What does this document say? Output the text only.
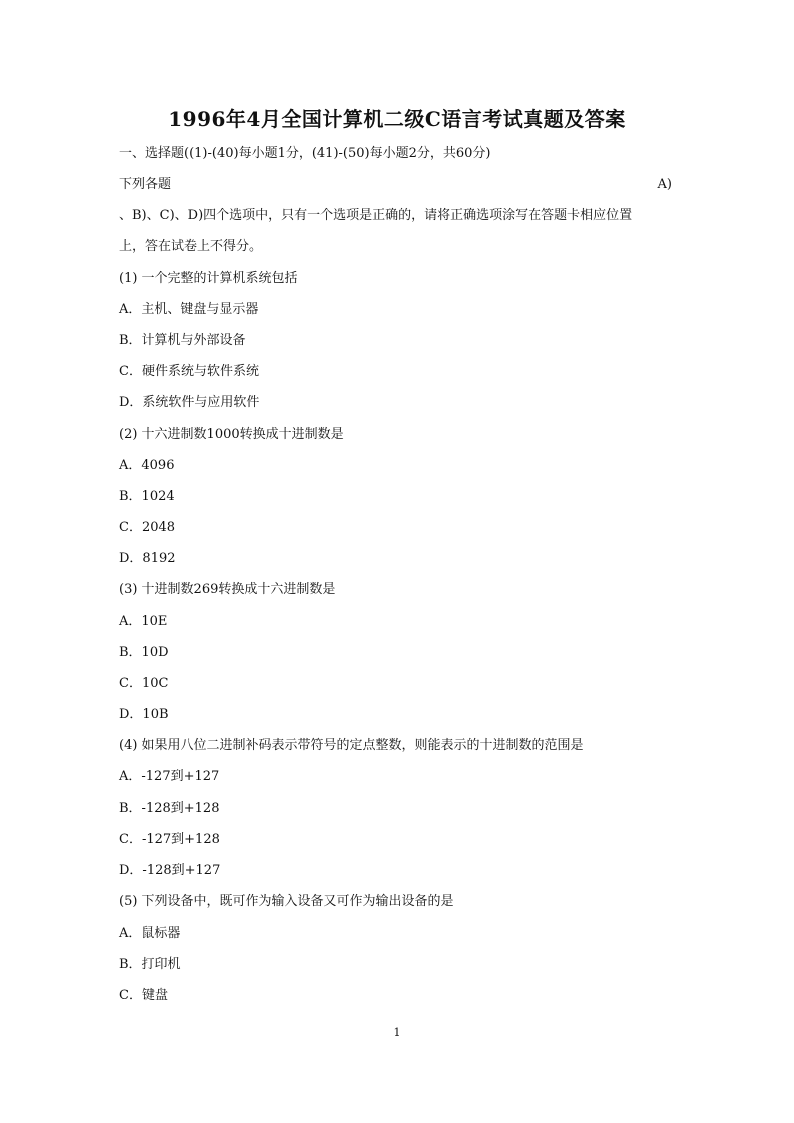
1996年4月全国计算机二级C语言考试真题及答案
一、选择题((1)-(40)每小题1分，(41)-(50)每小题2分，共60分)
下列各题	A)
、B)、C)、D)四个选项中，只有一个选项是正确的，请将正确选项涂写在答题卡相应位置
上，答在试卷上不得分。
(1) 一个完整的计算机系统包括
A．主机、键盘与显示器
B．计算机与外部设备
C．硬件系统与软件系统
D．系统软件与应用软件
(2) 十六进制数1000转换成十进制数是
A．4096
B．1024
C．2048
D．8192
(3) 十进制数269转换成十六进制数是
A．10E
B．10D
C．10C
D．10B
(4) 如果用八位二进制补码表示带符号的定点整数，则能表示的十进制数的范围是
A．-127到+127
B．-128到+128
C．-127到+128
D．-128到+127
(5) 下列设备中，既可作为输入设备又可作为输出设备的是
A．鼠标器
B．打印机
C．键盘
1
